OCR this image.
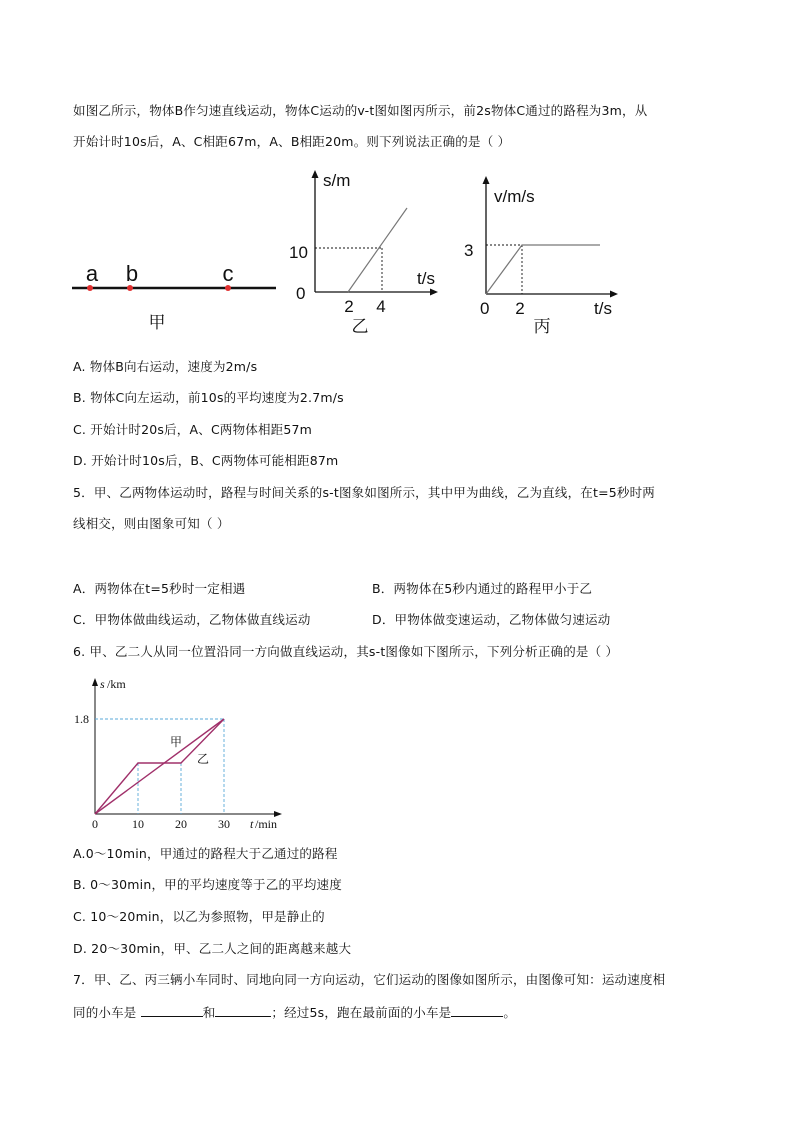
如图乙所示，物体B作匀速直线运动，物体C运动的v-t图如图丙所示，前2s物体C通过的路程为3m，从
开始计时10s后，A、C相距67m，A、B相距20m。则下列说法正确的是（ ）
a b	c
甲
s/m
t/s
10
0
2 4
乙
v/m/s
3
0 2	t/s
丙
A. 物体B向右运动，速度为2m/s
B. 物体C向左运动，前10s的平均速度为2.7m/s
C. 开始计时20s后，A、C两物体相距57m
D. 开始计时10s后，B、C两物体可能相距87m
5．甲、乙两物体运动时，路程与时间关系的s-t图象如图所示，其中甲为曲线，乙为直线，在t=5秒时两
线相交，则由图象可知（ ）
A．两物体在t=5秒时一定相遇	B．两物体在5秒内通过的路程甲小于乙
C．甲物体做曲线运动，乙物体做直线运动	D．甲物体做变速运动，乙物体做匀速运动
6. 甲、乙二人从同一位置沿同一方向做直线运动，其s-t图像如下图所示，下列分析正确的是（ ）
s /km
1.8
0	10	20	30 t /min
甲
乙
A.0～10min，甲通过的路程大于乙通过的路程
B. 0～30min，甲的平均速度等于乙的平均速度
C. 10～20min，以乙为参照物，甲是静止的
D. 20～30min，甲、乙二人之间的距离越来越大
7．甲、乙、丙三辆小车同时、同地向同一方向运动，它们运动的图像如图所示，由图像可知：运动速度相
同的小车是	和	；经过5s，跑在最前面的小车是	。
